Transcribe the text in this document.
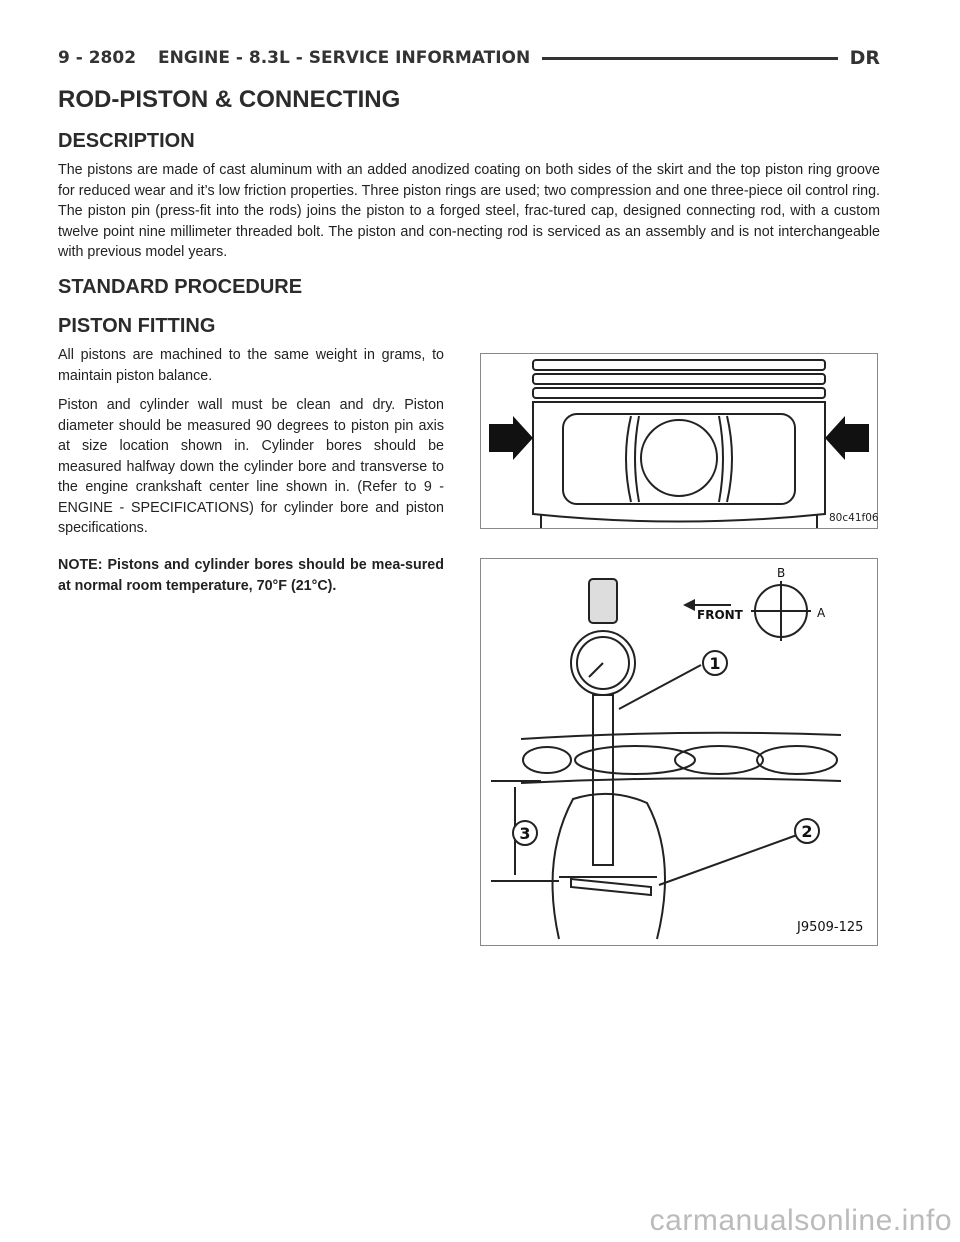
9 - 2802 ENGINE - 8.3L - SERVICE INFORMATION	DR
ROD-PISTON & CONNECTING
DESCRIPTION

The pistons are made of cast aluminum with an added anodized coating on both sides of the skirt and the top piston ring groove for reduced wear and it’s low friction properties. Three piston rings are used; two compression and one three-piece oil control ring. The piston pin (press-fit into the rods) joins the piston to a forged steel, frac-tured cap, designed connecting rod, with a custom twelve point nine millimeter threaded bolt. The piston and con-necting rod is serviced as an assembly and is not interchangeable with previous model years.

STANDARD PROCEDURE
PISTON FITTING

All pistons are machined to the same weight in grams, to maintain piston balance.

Piston and cylinder wall must be clean and dry. Piston diameter should be measured 90 degrees to piston pin axis at size location shown in. Cylinder bores should be measured halfway down the cylinder bore and transverse to the engine crankshaft center line shown in. (Refer to 9 - ENGINE - SPECIFICATIONS) for cylinder bore and piston specifications.

NOTE: Pistons and cylinder bores should be mea-sured at normal room temperature, 70°F (21°C).

80c41f06
1
2
3
FRONT
B
A
J9509-125
carmanualsonline.info
